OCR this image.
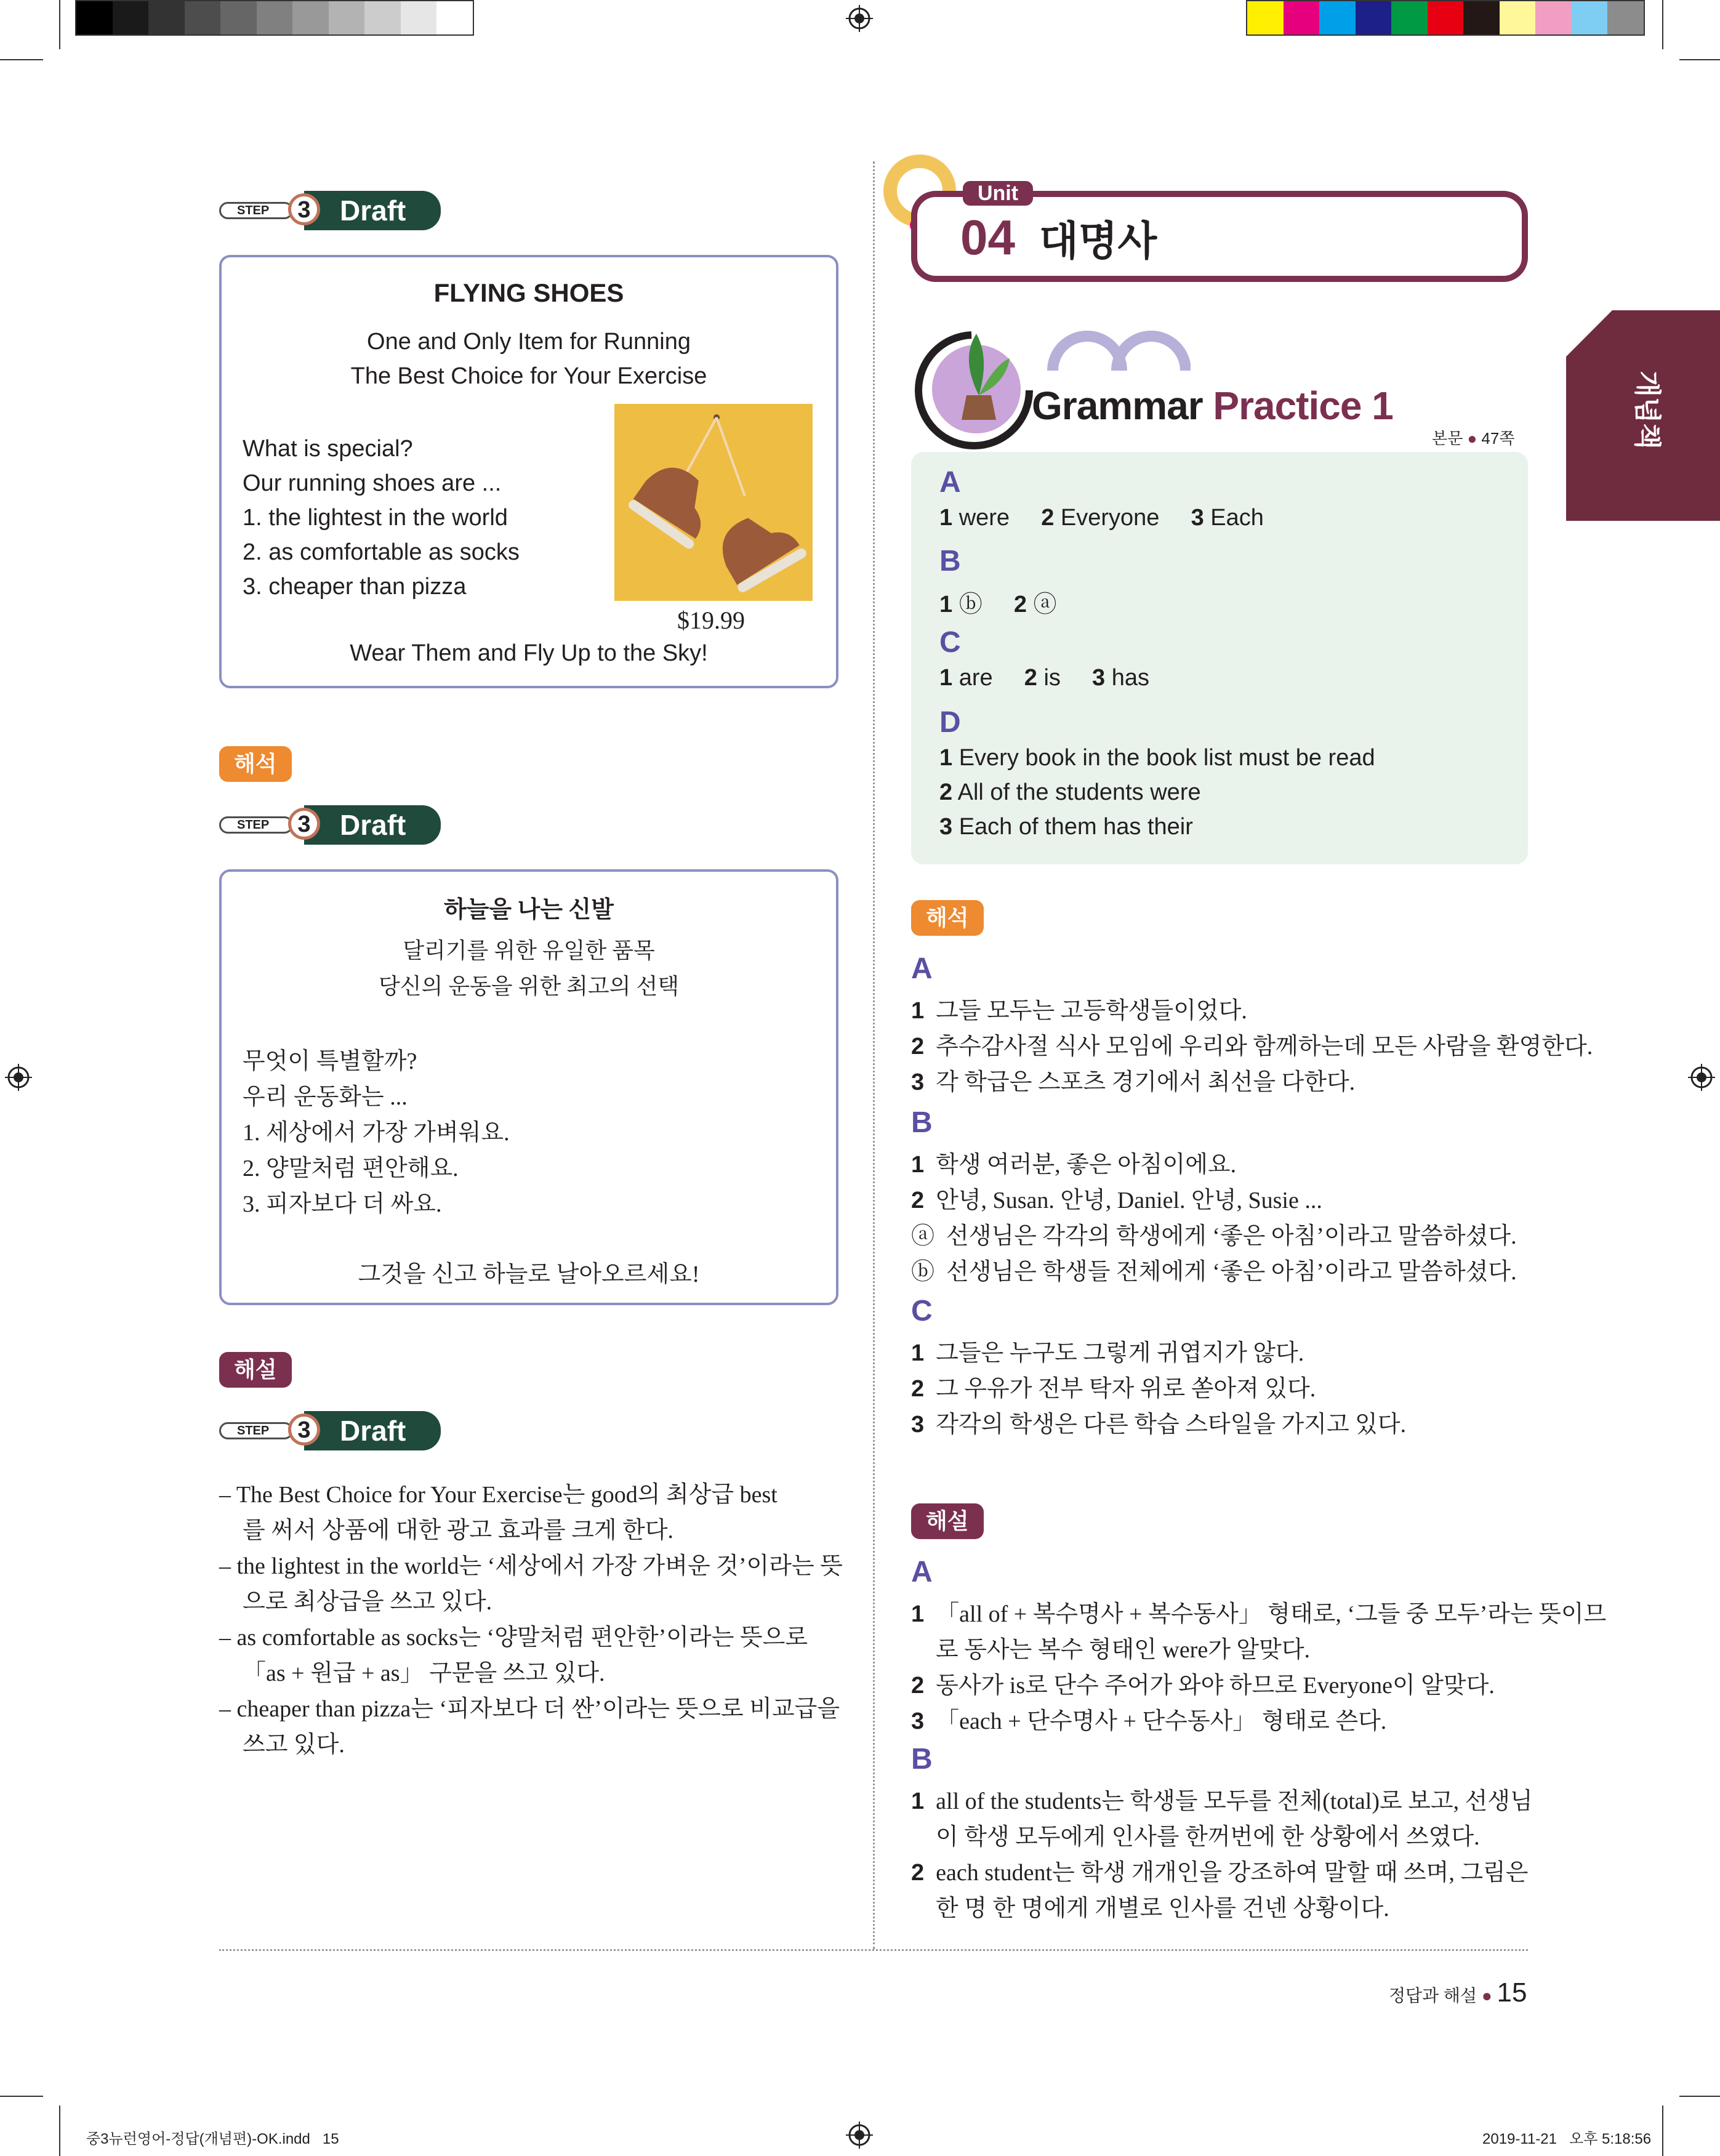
STEP	3	Draft
FLYING SHOES
One and Only Item for Running
The Best Choice for Your Exercise
What is special?
Our running shoes are ...
1. the lightest in the world
2. as comfortable as socks
3. cheaper than pizza
$19.99
Wear Them and Fly Up to the Sky!
해석
STEP	3	Draft
하늘을 나는 신발
달리기를 위한 유일한 품목
당신의 운동을 위한 최고의 선택
무엇이 특별할까?
우리 운동화는 ...
1. 세상에서 가장 가벼워요.
2. 양말처럼 편안해요.
3. 피자보다 더 싸요.
그것을 신고 하늘로 날아오르세요!
해설
STEP	3	Draft
– The Best Choice for Your Exercise는 good의 최상급 best
를 써서 상품에 대한 광고 효과를 크게 한다.
– the lightest in the world는 ‘세상에서 가장 가벼운 것’이라는 뜻
으로 최상급을 쓰고 있다.
– as comfortable as socks는 ‘양말처럼 편안한’이라는 뜻으로
「as + 원급 + as」 구문을 쓰고 있다.
– cheaper than pizza는 ‘피자보다 더 싼’이라는 뜻으로 비교급을
쓰고 있다.
Unit
04 대명사
개념책
Grammar Practice 1
본문 ● 47쪽
A
1 were 2 Everyone 3 Each
B
1 ⓑ 2 ⓐ
C
1 are 2 is 3 has
D
1 Every book in the book list must be read
2 All of the students were
3 Each of them has their
해석
A
1 그들 모두는 고등학생들이었다.
2 추수감사절 식사 모임에 우리와 함께하는데 모든 사람을 환영한다.
3 각 학급은 스포츠 경기에서 최선을 다한다.
B
1 학생 여러분, 좋은 아침이에요.
2 안녕, Susan. 안녕, Daniel. 안녕, Susie ...
ⓐ 선생님은 각각의 학생에게 ‘좋은 아침’이라고 말씀하셨다.
ⓑ 선생님은 학생들 전체에게 ‘좋은 아침’이라고 말씀하셨다.
C
1 그들은 누구도 그렇게 귀엽지가 않다.
2 그 우유가 전부 탁자 위로 쏟아져 있다.
3 각각의 학생은 다른 학습 스타일을 가지고 있다.
해설
A
1 「all of + 복수명사 + 복수동사」 형태로, ‘그들 중 모두’라는 뜻이므
로 동사는 복수 형태인 were가 알맞다.
2 동사가 is로 단수 주어가 와야 하므로 Everyone이 알맞다.
3 「each + 단수명사 + 단수동사」 형태로 쓴다.
B
1 all of the students는 학생들 모두를 전체(total)로 보고, 선생님
이 학생 모두에게 인사를 한꺼번에 한 상황에서 쓰였다.
2 each student는 학생 개개인을 강조하여 말할 때 쓰며, 그림은
한 명 한 명에게 개별로 인사를 건넨 상황이다.
정답과 해설 ● 15
중3뉴런영어-정답(개념편)-OK.indd   15	2019-11-21   오후 5:18:56
